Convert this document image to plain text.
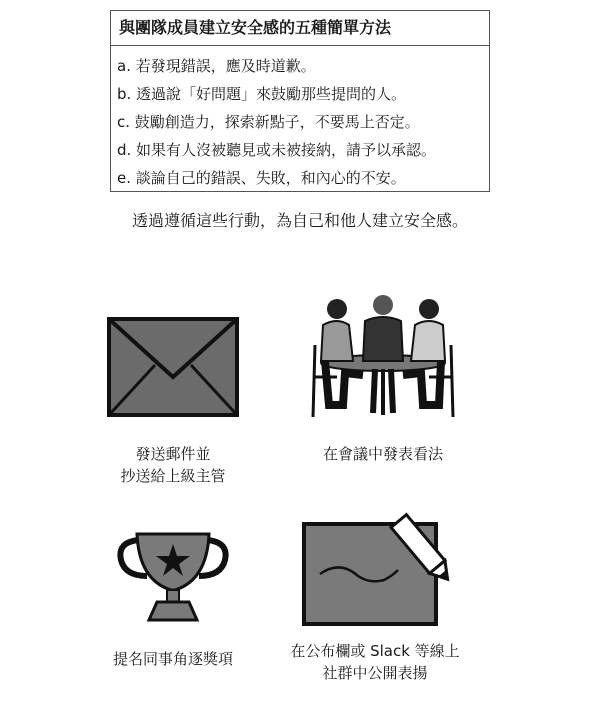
與團隊成員建立安全感的五種簡單方法
a. 若發現錯誤，應及時道歉。
b. 透過說「好問題」來鼓勵那些提問的人。
c. 鼓勵創造力，探索新點子，不要馬上否定。
d. 如果有人沒被聽見或未被接納，請予以承認。
e. 談論自己的錯誤、失敗，和內心的不安。
透過遵循這些行動，為自己和他人建立安全感。
發送郵件並
抄送給上級主管
在會議中發表看法
提名同事角逐獎項	在公布欄或 Slack 等線上
社群中公開表揚
